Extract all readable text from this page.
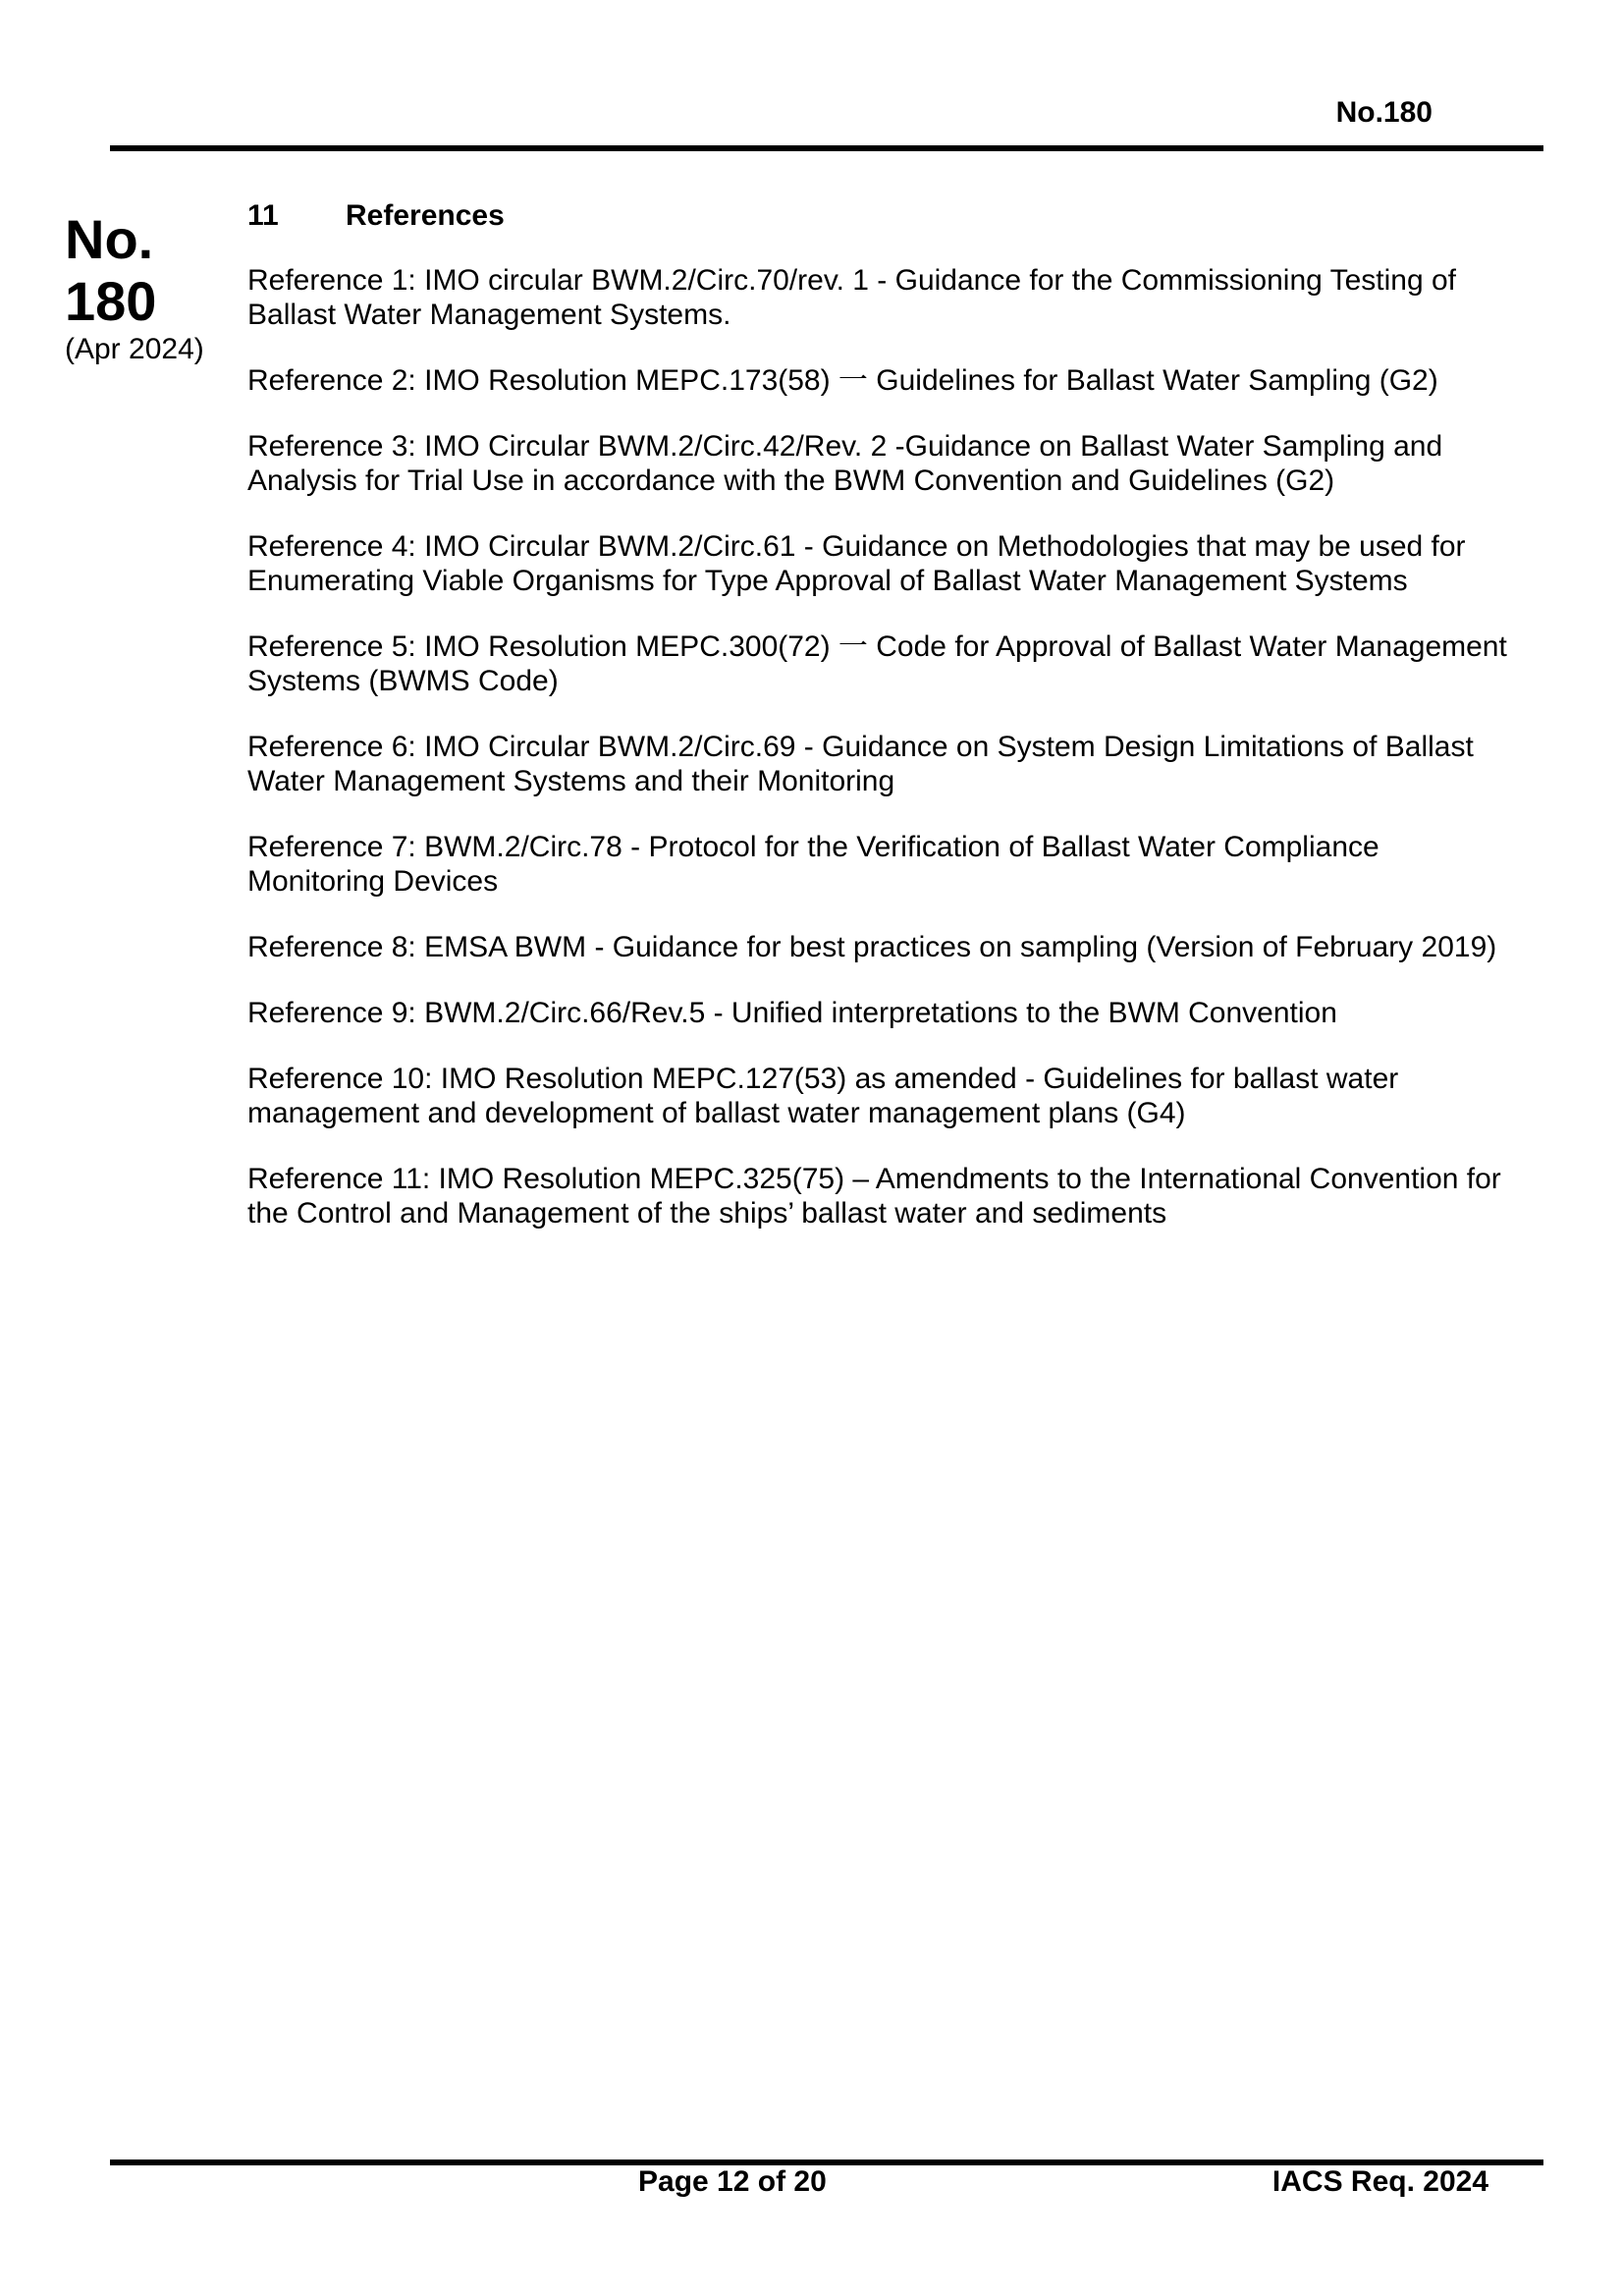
No.180
No.
180
(Apr 2024)
11	References
Reference 1: IMO circular BWM.2/Circ.70/rev. 1 - Guidance for the Commissioning Testing of Ballast Water Management Systems.
Reference 2: IMO Resolution MEPC.173(58) 一 Guidelines for Ballast Water Sampling (G2)
Reference 3: IMO Circular BWM.2/Circ.42/Rev. 2 -Guidance on Ballast Water Sampling and Analysis for Trial Use in accordance with the BWM Convention and Guidelines (G2)
Reference 4: IMO Circular BWM.2/Circ.61 - Guidance on Methodologies that may be used for Enumerating Viable Organisms for Type Approval of Ballast Water Management Systems
Reference 5: IMO Resolution MEPC.300(72) 一 Code for Approval of Ballast Water Management Systems (BWMS Code)
Reference 6: IMO Circular BWM.2/Circ.69 - Guidance on System Design Limitations of Ballast Water Management Systems and their Monitoring
Reference 7: BWM.2/Circ.78 - Protocol for the Verification of Ballast Water Compliance Monitoring Devices
Reference 8: EMSA BWM - Guidance for best practices on sampling (Version of February 2019)
Reference 9: BWM.2/Circ.66/Rev.5 - Unified interpretations to the BWM Convention
Reference 10: IMO Resolution MEPC.127(53) as amended - Guidelines for ballast water management and development of ballast water management plans (G4)
Reference 11: IMO Resolution MEPC.325(75) – Amendments to the International Convention for the Control and Management of the ships’ ballast water and sediments
Page 12 of 20	IACS Req. 2024
